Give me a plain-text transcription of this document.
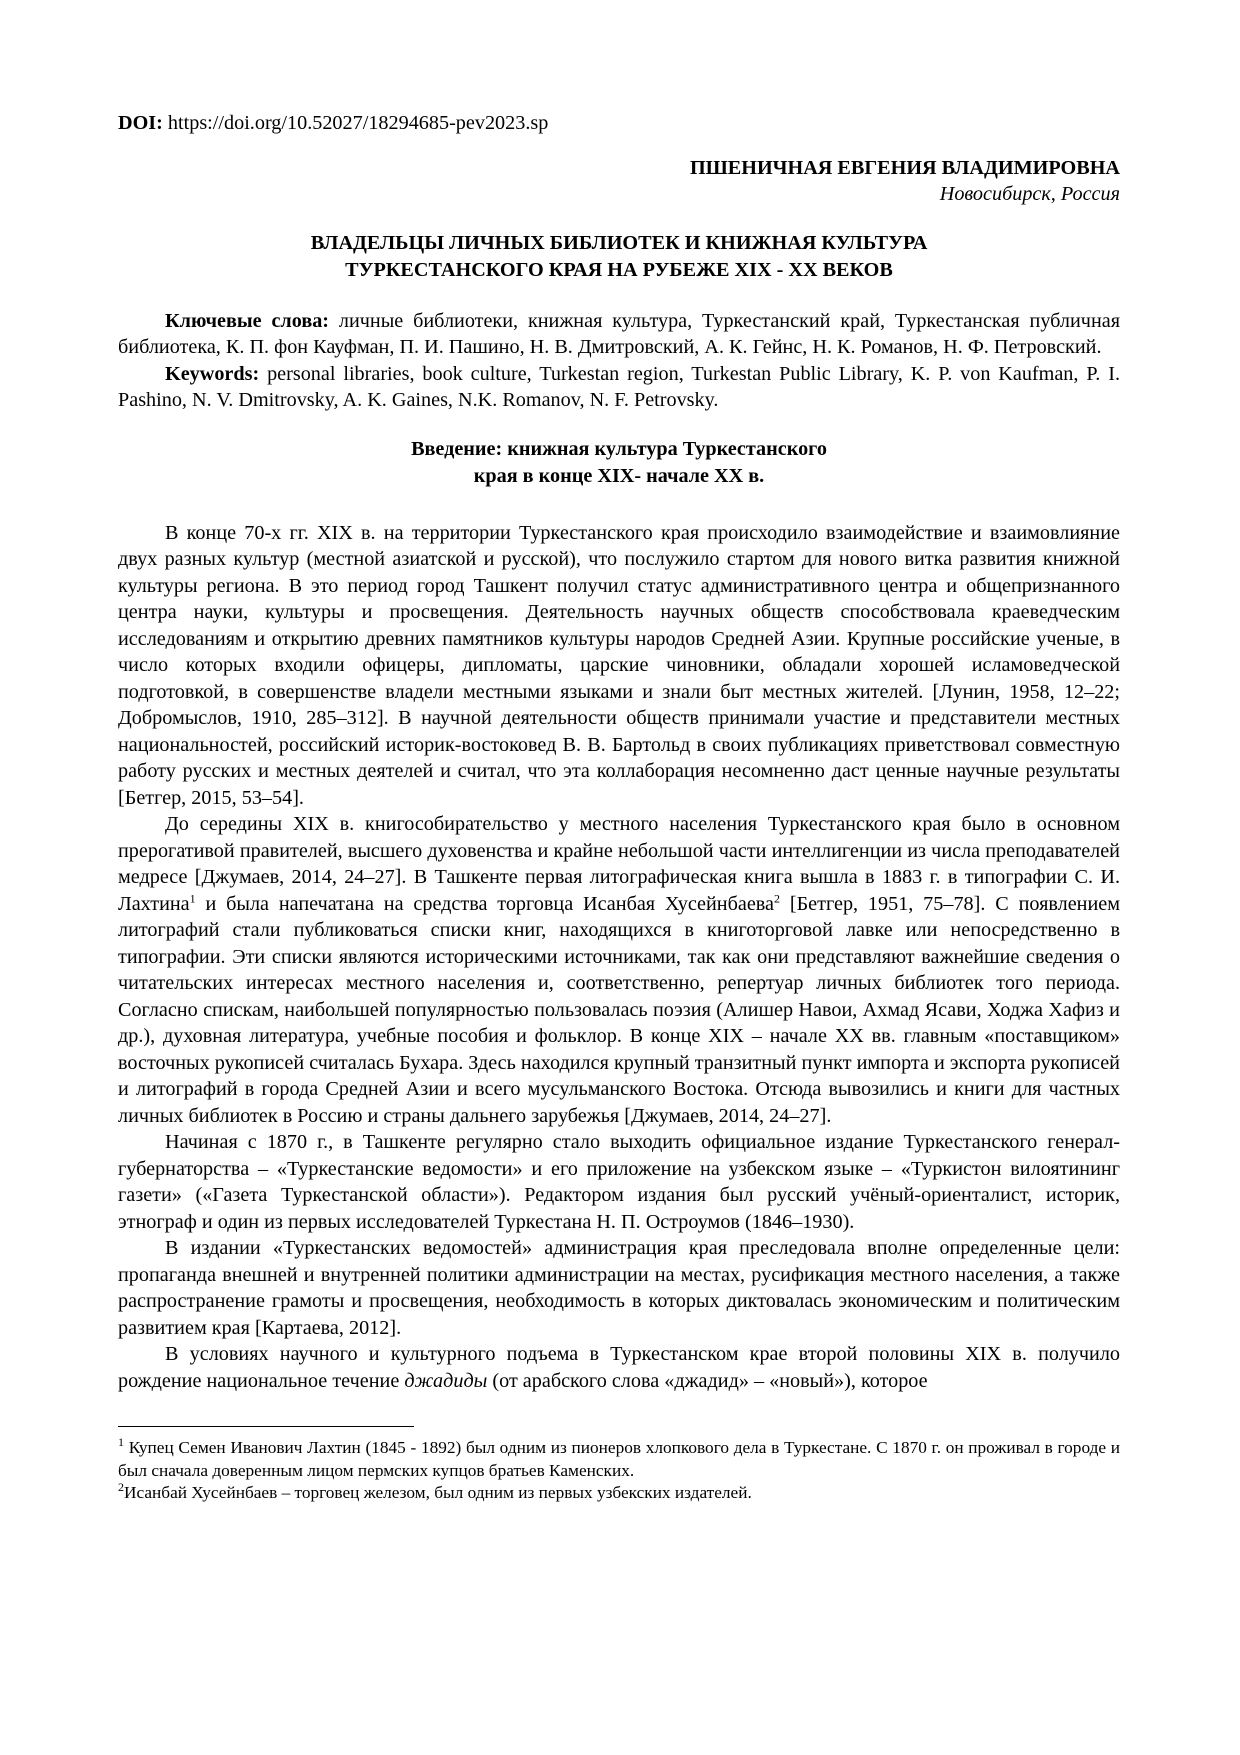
DOI: https://doi.org/10.52027/18294685-pev2023.sp

ПШЕНИЧНАЯ ЕВГЕНИЯ ВЛАДИМИРОВНА

Новосибирск, Россия

ВЛАДЕЛЬЦЫ ЛИЧНЫХ БИБЛИОТЕК И КНИЖНАЯ КУЛЬТУРА
ТУРКЕСТАНСКОГО КРАЯ НА РУБЕЖЕ XIX - XX ВЕКОВ

Ключевые слова: личные библиотеки, книжная культура, Туркестанский край, Туркестанская публичная библиотека, К. П. фон Кауфман, П. И. Пашино, Н. В. Дмитровский, А. К. Гейнс, Н. К. Романов, Н. Ф. Петровский.

Keywords: personal libraries, book culture, Turkestan region, Turkestan Public Library, K. P. von Kaufman, P. I. Pashino, N. V. Dmitrovsky, A. K. Gaines, N.K. Romanov, N. F. Petrovsky.

Введение: книжная культура Туркестанского
края в конце XIX- начале XX в.

В конце 70-х гг. XIX в. на территории Туркестанского края происходило взаимодействие и взаимовлияние двух разных культур (местной азиатской и русской), что послужило стартом для нового витка развития книжной культуры региона. В это период город Ташкент получил статус административного центра и общепризнанного центра науки, культуры и просвещения. Деятельность научных обществ способствовала краеведческим исследованиям и открытию древних памятников культуры народов Средней Азии. Крупные российские ученые, в число которых входили офицеры, дипломаты, царские чиновники, обладали хорошей исламоведческой подготовкой, в совершенстве владели местными языками и знали быт местных жителей. [Лунин, 1958, 12–22; Добромыслов, 1910, 285–312]. В научной деятельности обществ принимали участие и представители местных национальностей, российский историк-востоковед В. В. Бартольд в своих публикациях приветствовал совместную работу русских и местных деятелей и считал, что эта коллаборация несомненно даст ценные научные результаты [Бетгер, 2015, 53–54].

До середины XIX в. книгособирательство у местного населения Туркестанского края было в основном прерогативой правителей, высшего духовенства и крайне небольшой части интеллигенции из числа преподавателей медресе [Джумаев, 2014, 24–27]. В Ташкенте первая литографическая книга вышла в 1883 г. в типографии С. И. Лахтина$^1$ и была напечатана на средства торговца Исанбая Хусейнбаева$^2$ [Бетгер, 1951, 75–78]. С появлением литографий стали публиковаться списки книг, находящихся в книготорговой лавке или непосредственно в типографии. Эти списки являются историческими источниками, так как они представляют важнейшие сведения о читательских интересах местного населения и, соответственно, репертуар личных библиотек того периода. Согласно спискам, наибольшей популярностью пользовалась поэзия (Алишер Навои, Ахмад Ясави, Ходжа Хафиз и др.), духовная литература, учебные пособия и фольклор. В конце XIX – начале XX вв. главным «поставщиком» восточных рукописей считалась Бухара. Здесь находился крупный транзитный пункт импорта и экспорта рукописей и литографий в города Средней Азии и всего мусульманского Востока. Отсюда вывозились и книги для частных личных библиотек в Россию и страны дальнего зарубежья [Джумаев, 2014, 24–27].

Начиная с 1870 г., в Ташкенте регулярно стало выходить официальное издание Туркестанского генерал-губернаторства – «Туркестанские ведомости» и его приложение на узбекском языке – «Туркистон вилоятининг газети» («Газета Туркестанской области»). Редактором издания был русский учёный-ориенталист, историк, этнограф и один из первых исследователей Туркестана Н. П. Остроумов (1846–1930).

В издании «Туркестанских ведомостей» администрация края преследовала вполне определенные цели: пропаганда внешней и внутренней политики администрации на местах, русификация местного населения, а также распространение грамоты и просвещения, необходимость в которых диктовалась экономическим и политическим развитием края [Картаева, 2012].

В условиях научного и культурного подъема в Туркестанском крае второй половины XIX в. получило рождение национальное течение джадиды (от арабского слова «джадид» – «новый»), которое

$^1$ Купец Семен Иванович Лахтин (1845 - 1892) был одним из пионеров хлопкового дела в Туркестане. С 1870 г. он проживал в городе и был сначала доверенным лицом пермских купцов братьев Каменских.

$^2$Исанбай Хусейнбаев – торговец железом, был одним из первых узбекских издателей.
